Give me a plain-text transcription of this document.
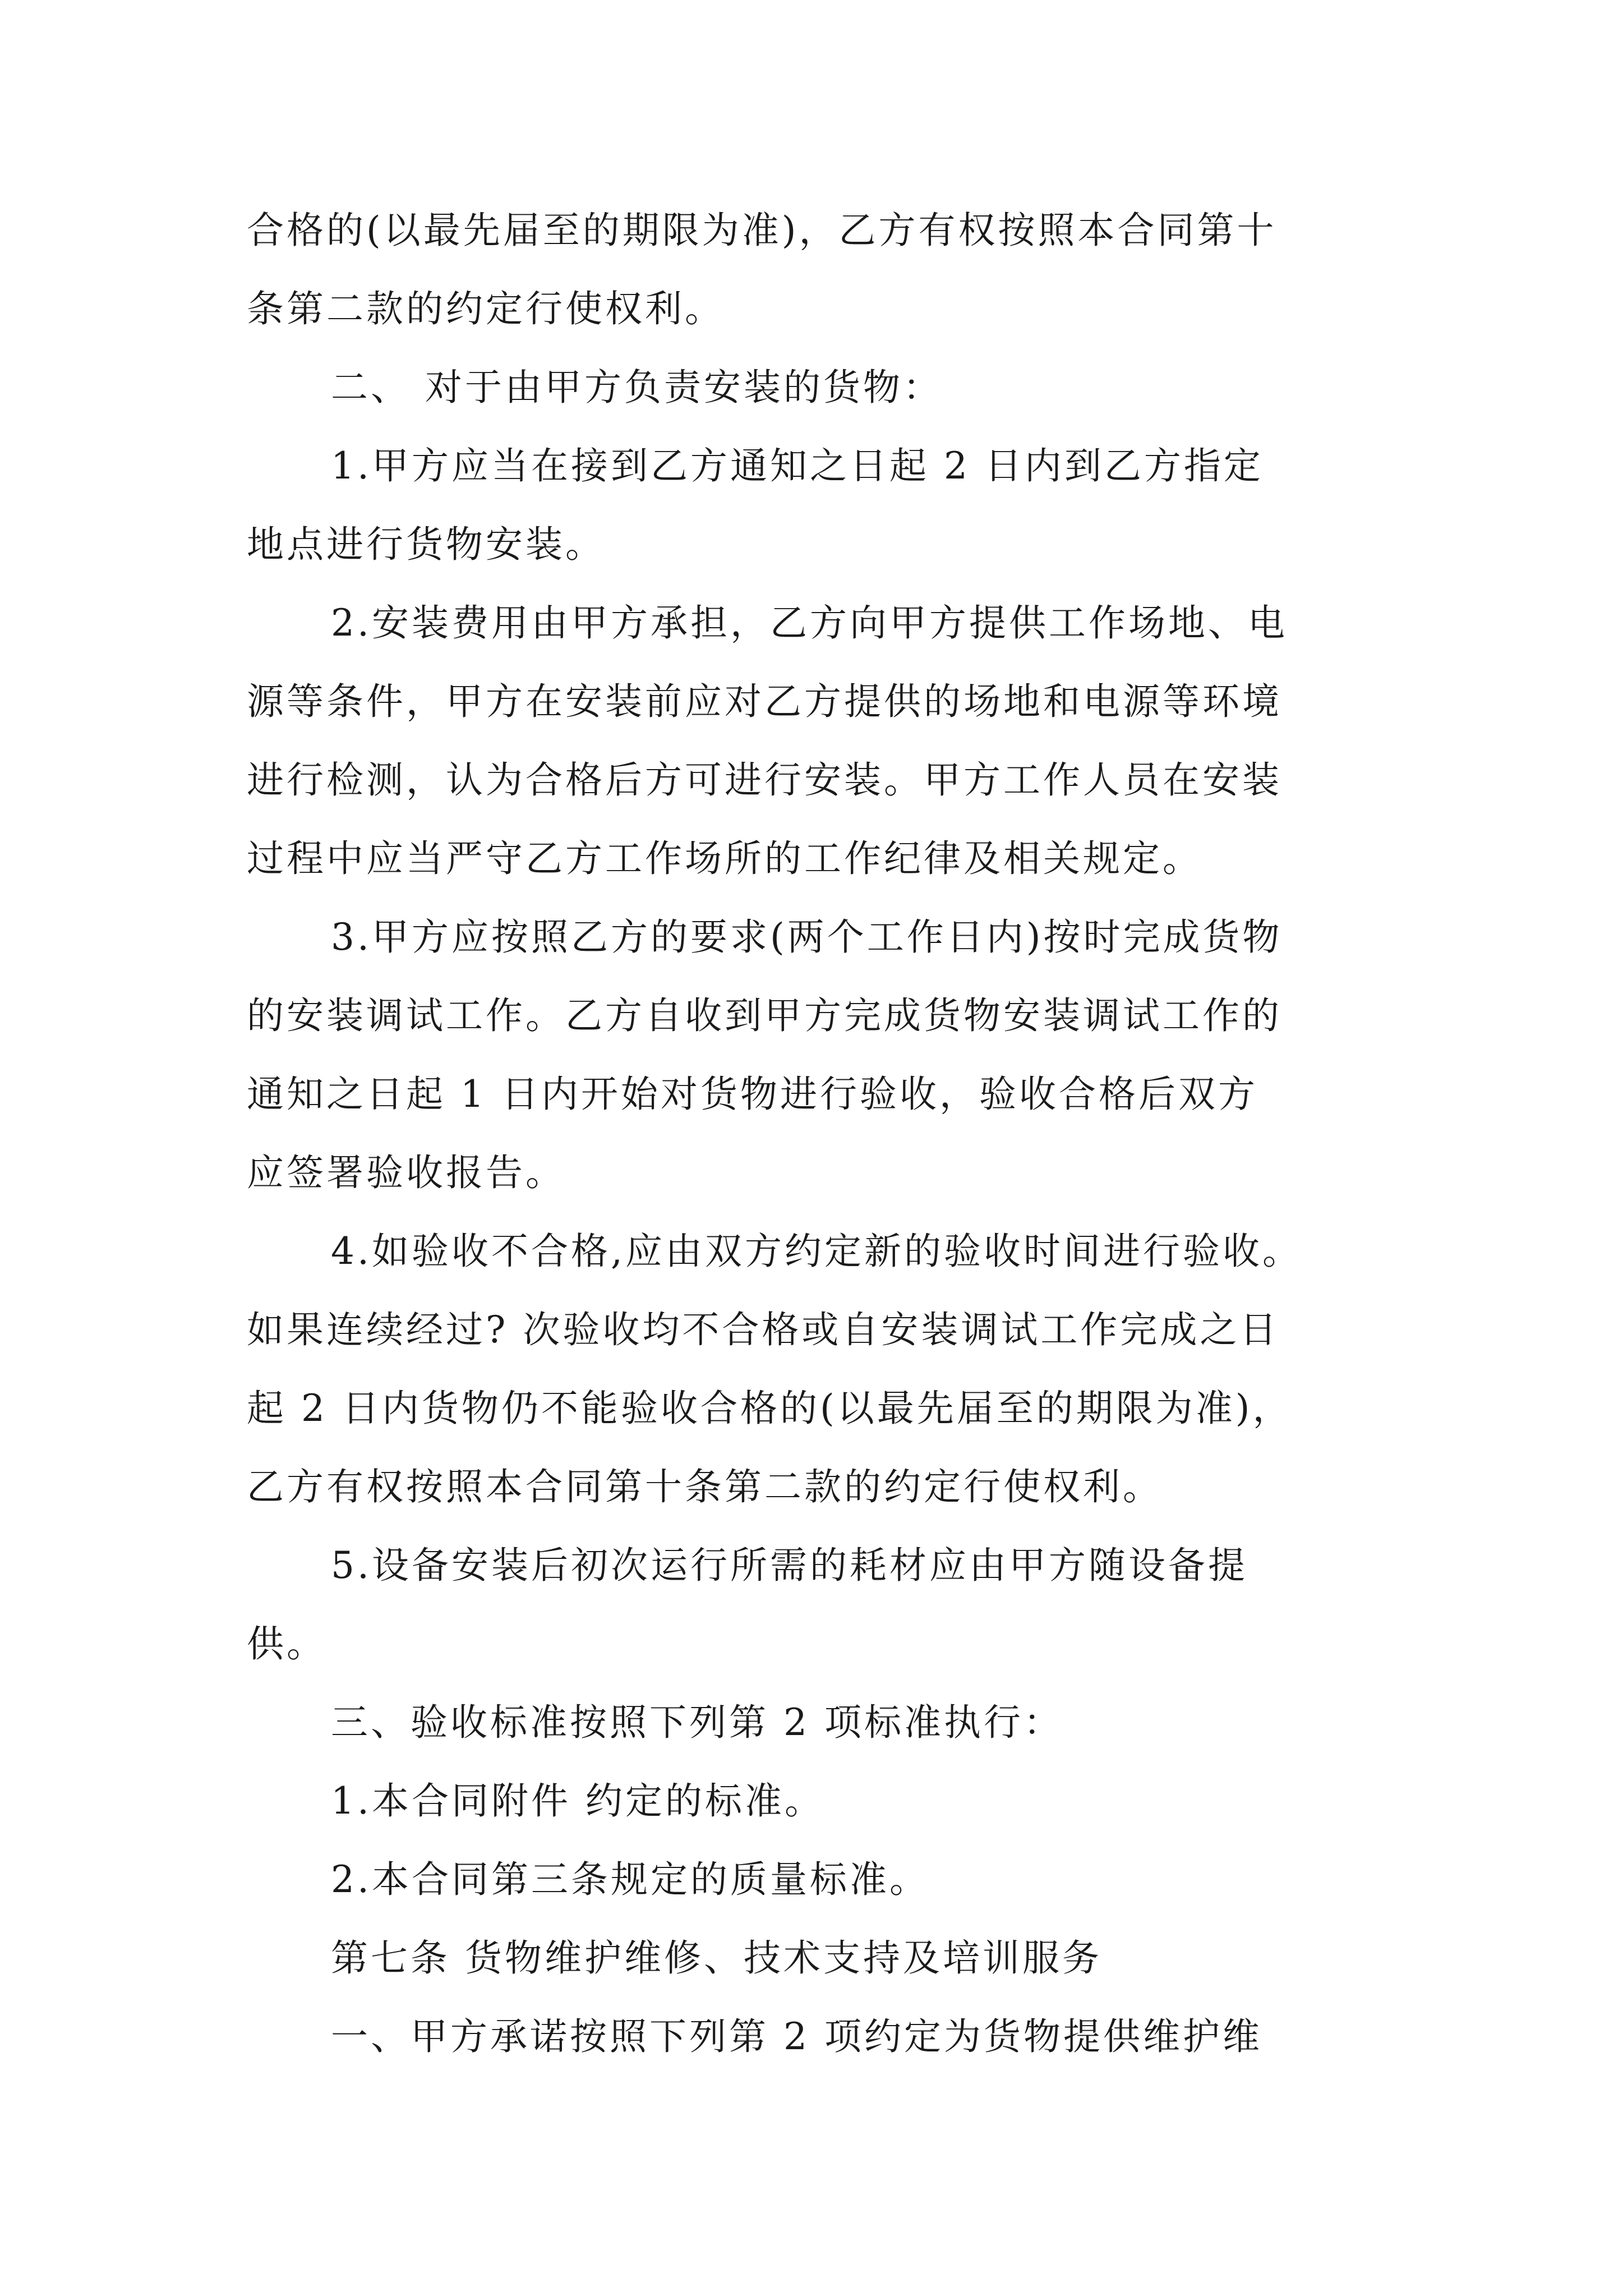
合格的(以最先届至的期限为准)，乙方有权按照本合同第十
条第二款的约定行使权利。
二、 对于由甲方负责安装的货物：
1.甲方应当在接到乙方通知之日起 2 日内到乙方指定
地点进行货物安装。
2.安装费用由甲方承担，乙方向甲方提供工作场地、电
源等条件，甲方在安装前应对乙方提供的场地和电源等环境
进行检测，认为合格后方可进行安装。甲方工作人员在安装
过程中应当严守乙方工作场所的工作纪律及相关规定。
3.甲方应按照乙方的要求(两个工作日内)按时完成货物
的安装调试工作。乙方自收到甲方完成货物安装调试工作的
通知之日起 1 日内开始对货物进行验收，验收合格后双方
应签署验收报告。
4.如验收不合格,应由双方约定新的验收时间进行验收。
如果连续经过? 次验收均不合格或自安装调试工作完成之日
起 2 日内货物仍不能验收合格的(以最先届至的期限为准)，
乙方有权按照本合同第十条第二款的约定行使权利。
5.设备安装后初次运行所需的耗材应由甲方随设备提
供。
三、验收标准按照下列第 2 项标准执行：
1.本合同附件 约定的标准。
2.本合同第三条规定的质量标准。
第七条 货物维护维修、技术支持及培训服务
一、甲方承诺按照下列第 2 项约定为货物提供维护维
